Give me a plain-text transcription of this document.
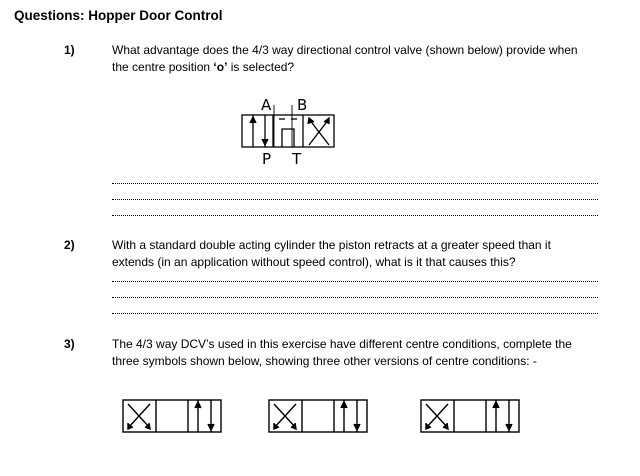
Questions: Hopper Door Control
1)	What advantage does the 4/3 way directional control valve (shown below) provide when
the centre position ‘o’ is selected?
A B
P T
2)	With a standard double acting cylinder the piston retracts at a greater speed than it
extends (in an application without speed control), what is it that causes this?
3)	The 4/3 way DCV’s used in this exercise have different centre conditions, complete the
three symbols shown below, showing three other versions of centre conditions: -
